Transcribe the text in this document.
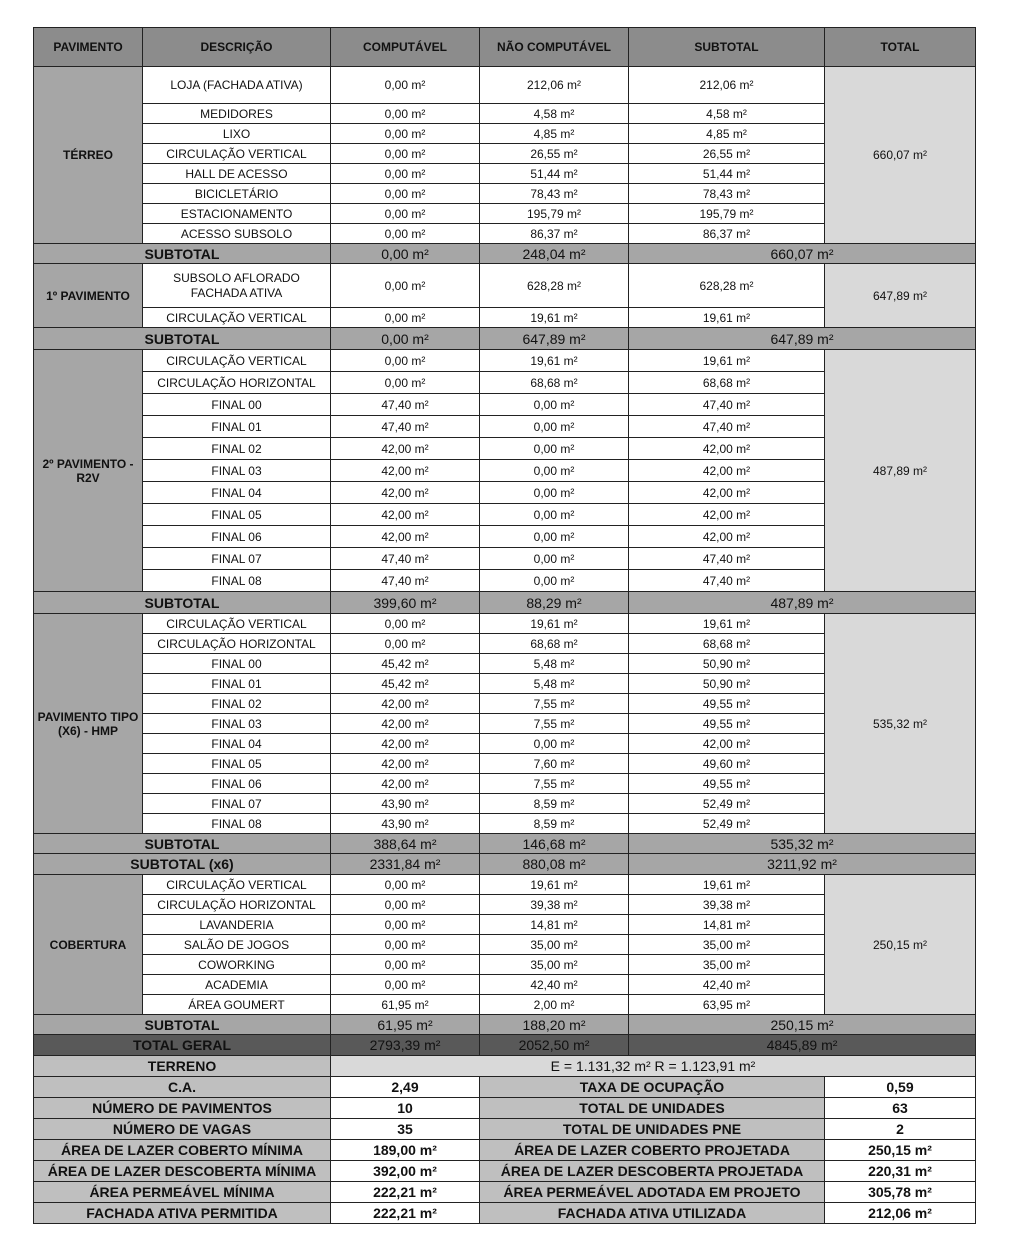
PAVIMENTO	DESCRIÇÃO	COMPUTÁVEL	NÃO COMPUTÁVEL	SUBTOTAL	TOTAL
TÉRREO	LOJA (FACHADA ATIVA)	0,00 m²	212,06 m²	212,06 m²	660,07 m²
	MEDIDORES	0,00 m²	4,58 m²	4,58 m²	
	LIXO	0,00 m²	4,85 m²	4,85 m²	
	CIRCULAÇÃO VERTICAL	0,00 m²	26,55 m²	26,55 m²	
	HALL DE ACESSO	0,00 m²	51,44 m²	51,44 m²	
	BICICLETÁRIO	0,00 m²	78,43 m²	78,43 m²	
	ESTACIONAMENTO	0,00 m²	195,79 m²	195,79 m²	
	ACESSO SUBSOLO	0,00 m²	86,37 m²	86,37 m²	
SUBTOTAL		0,00 m²	248,04 m²	660,07 m²	
1º PAVIMENTO	SUBSOLO AFLORADO FACHADA ATIVA	0,00 m²	628,28 m²	628,28 m²	647,89 m²
	CIRCULAÇÃO VERTICAL	0,00 m²	19,61 m²	19,61 m²	
SUBTOTAL		0,00 m²	647,89 m²	647,89 m²	
2º PAVIMENTO - R2V	CIRCULAÇÃO VERTICAL	0,00 m²	19,61 m²	19,61 m²	487,89 m²
	CIRCULAÇÃO HORIZONTAL	0,00 m²	68,68 m²	68,68 m²	
	FINAL 00	47,40 m²	0,00 m²	47,40 m²	
	FINAL 01	47,40 m²	0,00 m²	47,40 m²	
	FINAL 02	42,00 m²	0,00 m²	42,00 m²	
	FINAL 03	42,00 m²	0,00 m²	42,00 m²	
	FINAL 04	42,00 m²	0,00 m²	42,00 m²	
	FINAL 05	42,00 m²	0,00 m²	42,00 m²	
	FINAL 06	42,00 m²	0,00 m²	42,00 m²	
	FINAL 07	47,40 m²	0,00 m²	47,40 m²	
	FINAL 08	47,40 m²	0,00 m²	47,40 m²	
SUBTOTAL		399,60 m²	88,29 m²	487,89 m²	
PAVIMENTO TIPO (X6) - HMP	CIRCULAÇÃO VERTICAL	0,00 m²	19,61 m²	19,61 m²	535,32 m²
	CIRCULAÇÃO HORIZONTAL	0,00 m²	68,68 m²	68,68 m²	
	FINAL 00	45,42 m²	5,48 m²	50,90 m²	
	FINAL 01	45,42 m²	5,48 m²	50,90 m²	
	FINAL 02	42,00 m²	7,55 m²	49,55 m²	
	FINAL 03	42,00 m²	7,55 m²	49,55 m²	
	FINAL 04	42,00 m²	0,00 m²	42,00 m²	
	FINAL 05	42,00 m²	7,60 m²	49,60 m²	
	FINAL 06	42,00 m²	7,55 m²	49,55 m²	
	FINAL 07	43,90 m²	8,59 m²	52,49 m²	
	FINAL 08	43,90 m²	8,59 m²	52,49 m²	
SUBTOTAL		388,64 m²	146,68 m²	535,32 m²	
SUBTOTAL (x6)		2331,84 m²	880,08 m²	3211,92 m²	
COBERTURA	CIRCULAÇÃO VERTICAL	0,00 m²	19,61 m²	19,61 m²	250,15 m²
	CIRCULAÇÃO HORIZONTAL	0,00 m²	39,38 m²	39,38 m²	
	LAVANDERIA	0,00 m²	14,81 m²	14,81 m²	
	SALÃO DE JOGOS	0,00 m²	35,00 m²	35,00 m²	
	COWORKING	0,00 m²	35,00 m²	35,00 m²	
	ACADEMIA	0,00 m²	42,40 m²	42,40 m²	
	ÁREA GOUMERT	61,95 m²	2,00 m²	63,95 m²	
SUBTOTAL		61,95 m²	188,20 m²	250,15 m²	
TOTAL GERAL		2793,39 m²	2052,50 m²	4845,89 m²	
TERRENO		E = 1.131,32 m² R = 1.123,91 m²			
C.A.		2,49	TAXA DE OCUPAÇÃO		0,59
NÚMERO DE PAVIMENTOS		10	TOTAL DE UNIDADES		63
NÚMERO DE VAGAS		35	TOTAL DE UNIDADES PNE		2
ÁREA DE LAZER COBERTO MÍNIMA		189,00 m²	ÁREA DE LAZER COBERTO PROJETADA		250,15 m²
ÁREA DE LAZER DESCOBERTA MÍNIMA		392,00 m²	ÁREA DE LAZER DESCOBERTA PROJETADA		220,31 m²
ÁREA PERMEÁVEL MÍNIMA		222,21 m²	ÁREA PERMEÁVEL ADOTADA EM PROJETO		305,78 m²
FACHADA ATIVA PERMITIDA		222,21 m²	FACHADA ATIVA UTILIZADA		212,06 m²
